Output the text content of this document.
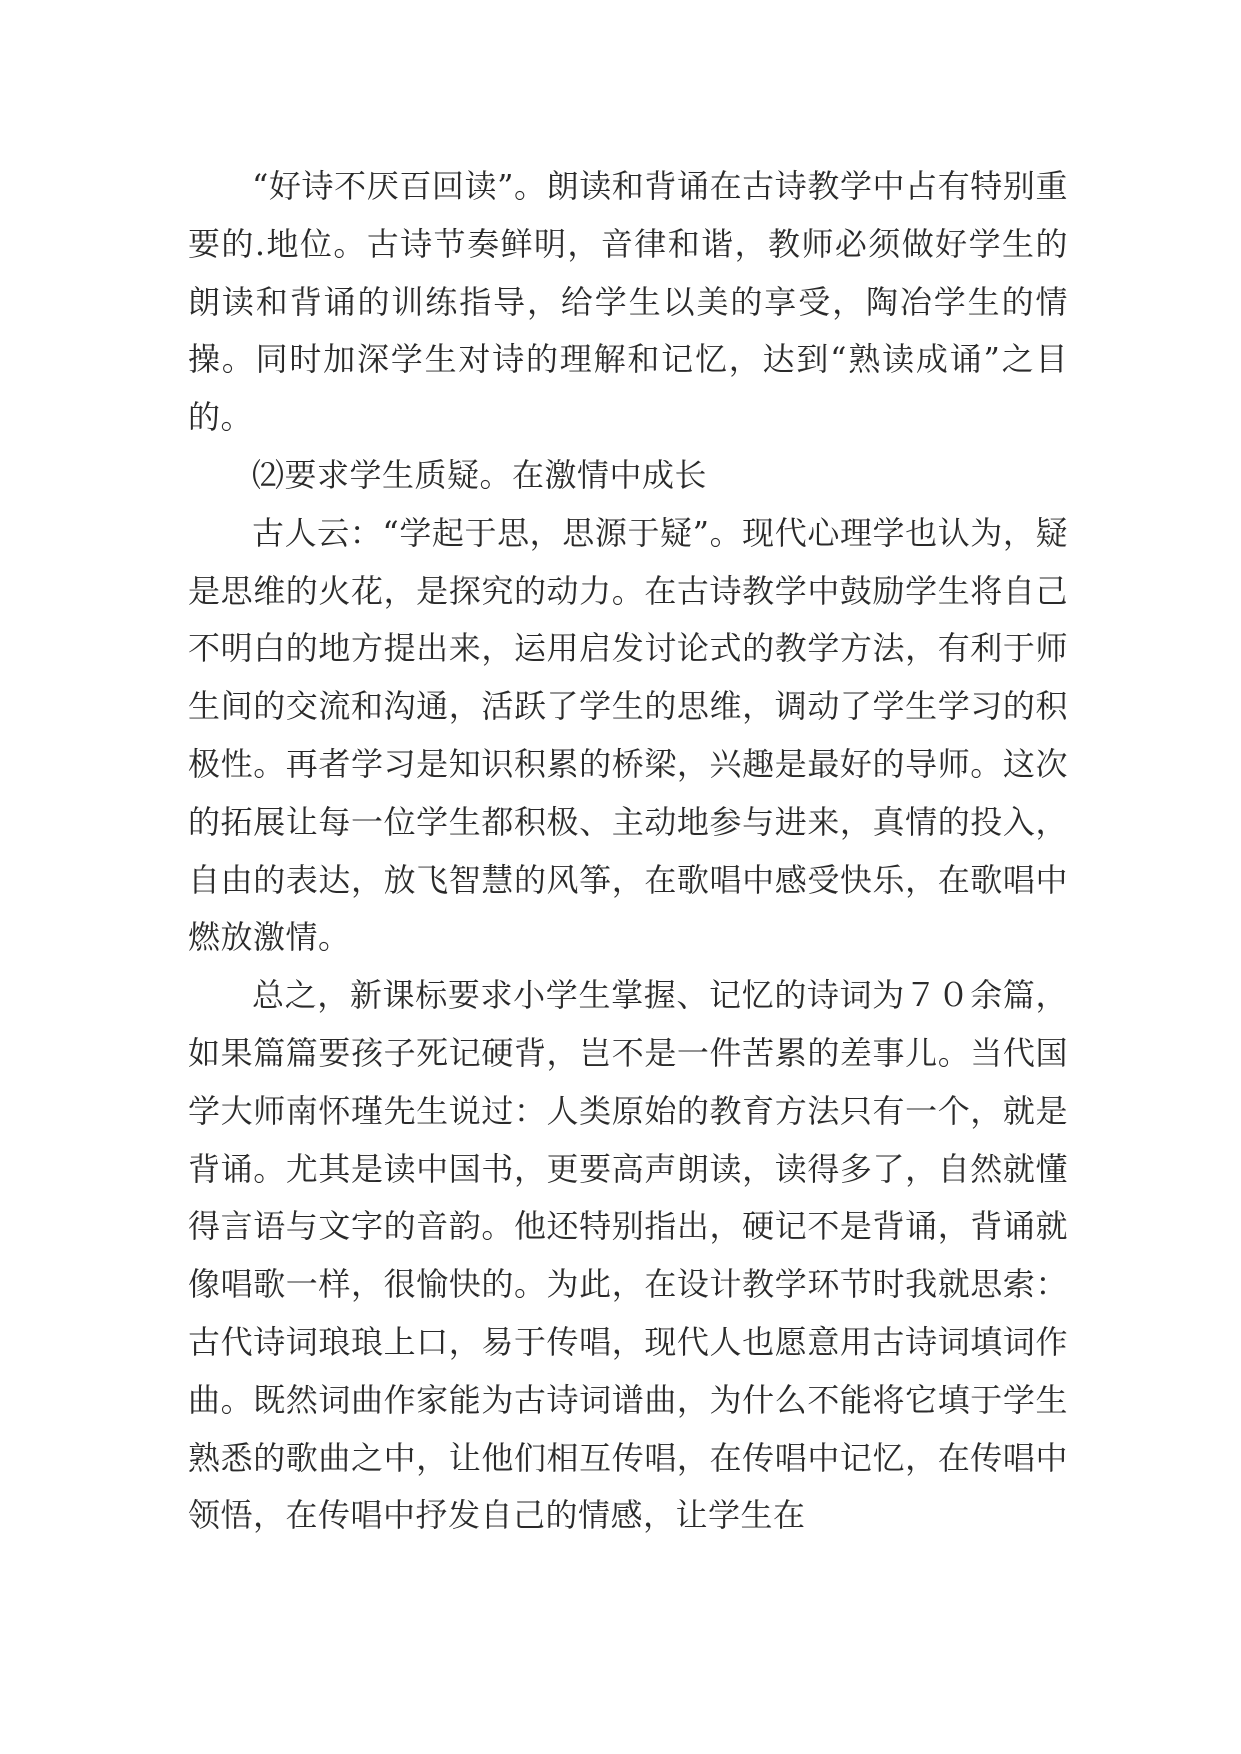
“好诗不厌百回读”。朗读和背诵在古诗教学中占有特别重要的.地位。古诗节奏鲜明，音律和谐，教师必须做好学生的朗读和背诵的训练指导，给学生以美的享受，陶冶学生的情操。同时加深学生对诗的理解和记忆，达到“熟读成诵”之目的。

⑵要求学生质疑。在激情中成长

古人云：“学起于思，思源于疑”。现代心理学也认为，疑是思维的火花，是探究的动力。在古诗教学中鼓励学生将自己不明白的地方提出来，运用启发讨论式的教学方法，有利于师生间的交流和沟通，活跃了学生的思维，调动了学生学习的积极性。再者学习是知识积累的桥梁，兴趣是最好的导师。这次的拓展让每一位学生都积极、主动地参与进来，真情的投入，自由的表达，放飞智慧的风筝，在歌唱中感受快乐，在歌唱中燃放激情。

总之，新课标要求小学生掌握、记忆的诗词为７０余篇，如果篇篇要孩子死记硬背，岂不是一件苦累的差事儿。当代国学大师南怀瑾先生说过：人类原始的教育方法只有一个，就是背诵。尤其是读中国书，更要高声朗读，读得多了，自然就懂得言语与文字的音韵。他还特别指出，硬记不是背诵，背诵就像唱歌一样，很愉快的。为此，在设计教学环节时我就思索：古代诗词琅琅上口，易于传唱，现代人也愿意用古诗词填词作曲。既然词曲作家能为古诗词谱曲，为什么不能将它填于学生熟悉的歌曲之中，让他们相互传唱，在传唱中记忆，在传唱中领悟，在传唱中抒发自己的情感，让学生在
